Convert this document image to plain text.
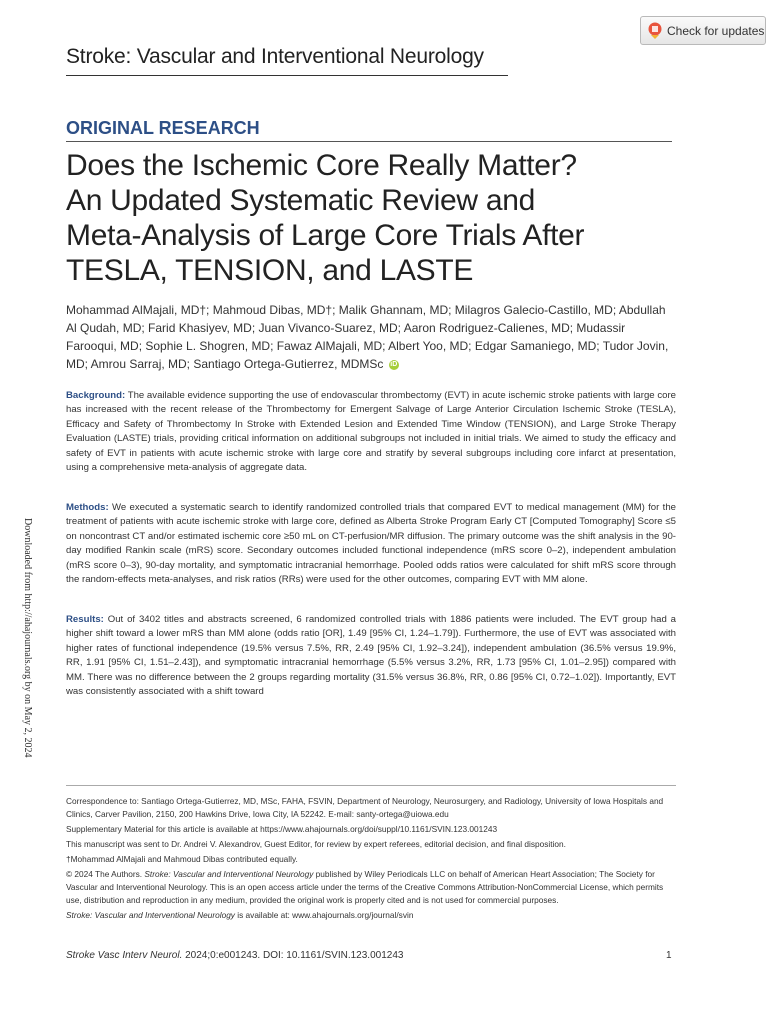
Check for updates
Stroke: Vascular and Interventional Neurology
ORIGINAL RESEARCH
Does the Ischemic Core Really Matter?
An Updated Systematic Review and
Meta-Analysis of Large Core Trials After
TESLA, TENSION, and LASTE
Mohammad AlMajali, MD†; Mahmoud Dibas, MD†; Malik Ghannam, MD; Milagros Galecio-Castillo, MD; Abdullah Al Qudah, MD; Farid Khasiyev, MD; Juan Vivanco-Suarez, MD; Aaron Rodriguez-Calienes, MD; Mudassir Farooqui, MD; Sophie L. Shogren, MD; Fawaz AlMajali, MD; Albert Yoo, MD; Edgar Samaniego, MD; Tudor Jovin, MD; Amrou Sarraj, MD; Santiago Ortega-Gutierrez, MDMSc iD
Background: The available evidence supporting the use of endovascular thrombectomy (EVT) in acute ischemic stroke patients with large core has increased with the recent release of the Thrombectomy for Emergent Salvage of Large Anterior Circulation Ischemic Stroke (TESLA), Efficacy and Safety of Thrombectomy In Stroke with Extended Lesion and Extended Time Window (TENSION), and Large Stroke Therapy Evaluation (LASTE) trials, providing critical information on additional subgroups not included in initial trials. We aimed to study the efficacy and safety of EVT in patients with acute ischemic stroke with large core and stratify by several subgroups including core infarct at presentation, using a comprehensive meta-analysis of aggregate data.
Methods: We executed a systematic search to identify randomized controlled trials that compared EVT to medical management (MM) for the treatment of patients with acute ischemic stroke with large core, defined as Alberta Stroke Program Early CT [Computed Tomography] Score ≤5 on noncontrast CT and/or estimated ischemic core ≥50 mL on CT-perfusion/MR diffusion. The primary outcome was the shift analysis in the 90-day modified Rankin scale (mRS) score. Secondary outcomes included functional independence (mRS score 0–2), independent ambulation (mRS score 0–3), 90-day mortality, and symptomatic intracranial hemorrhage. Pooled odds ratios were calculated for shift mRS score through the random-effects meta-analyses, and risk ratios (RRs) were used for the other outcomes, comparing EVT with MM alone.
Results: Out of 3402 titles and abstracts screened, 6 randomized controlled trials with 1886 patients were included. The EVT group had a higher shift toward a lower mRS than MM alone (odds ratio [OR], 1.49 [95% CI, 1.24–1.79]). Furthermore, the use of EVT was associated with higher rates of functional independence (19.5% versus 7.5%, RR, 2.49 [95% CI, 1.92–3.24]), independent ambulation (36.5% versus 19.9%, RR, 1.91 [95% CI, 1.51–2.43]), and symptomatic intracranial hemorrhage (5.5% versus 3.2%, RR, 1.73 [95% CI, 1.01–2.95]) compared with MM. There was no difference between the 2 groups regarding mortality (31.5% versus 36.8%, RR, 0.86 [95% CI, 0.72–1.02]). Importantly, EVT was consistently associated with a shift toward
Downloaded from http://ahajournals.org by on May 2, 2024

Correspondence to: Santiago Ortega-Gutierrez, MD, MSc, FAHA, FSVIN, Department of Neurology, Neurosurgery, and Radiology, University of Iowa Hospitals and Clinics, Carver Pavilion, 2150, 200 Hawkins Drive, Iowa City, IA 52242. E-mail: santy-ortega@uiowa.edu

Supplementary Material for this article is available at https://www.ahajournals.org/doi/suppl/10.1161/SVIN.123.001243

This manuscript was sent to Dr. Andrei V. Alexandrov, Guest Editor, for review by expert referees, editorial decision, and final disposition.

†Mohammad AlMajali and Mahmoud Dibas contributed equally.

© 2024 The Authors. Stroke: Vascular and Interventional Neurology published by Wiley Periodicals LLC on behalf of American Heart Association; The Society for Vascular and Interventional Neurology. This is an open access article under the terms of the Creative Commons Attribution-NonCommercial License, which permits use, distribution and reproduction in any medium, provided the original work is properly cited and is not used for commercial purposes.

Stroke: Vascular and Interventional Neurology is available at: www.ahajournals.org/journal/svin

Stroke Vasc Interv Neurol. 2024;0:e001243. DOI: 10.1161/SVIN.123.001243	1
